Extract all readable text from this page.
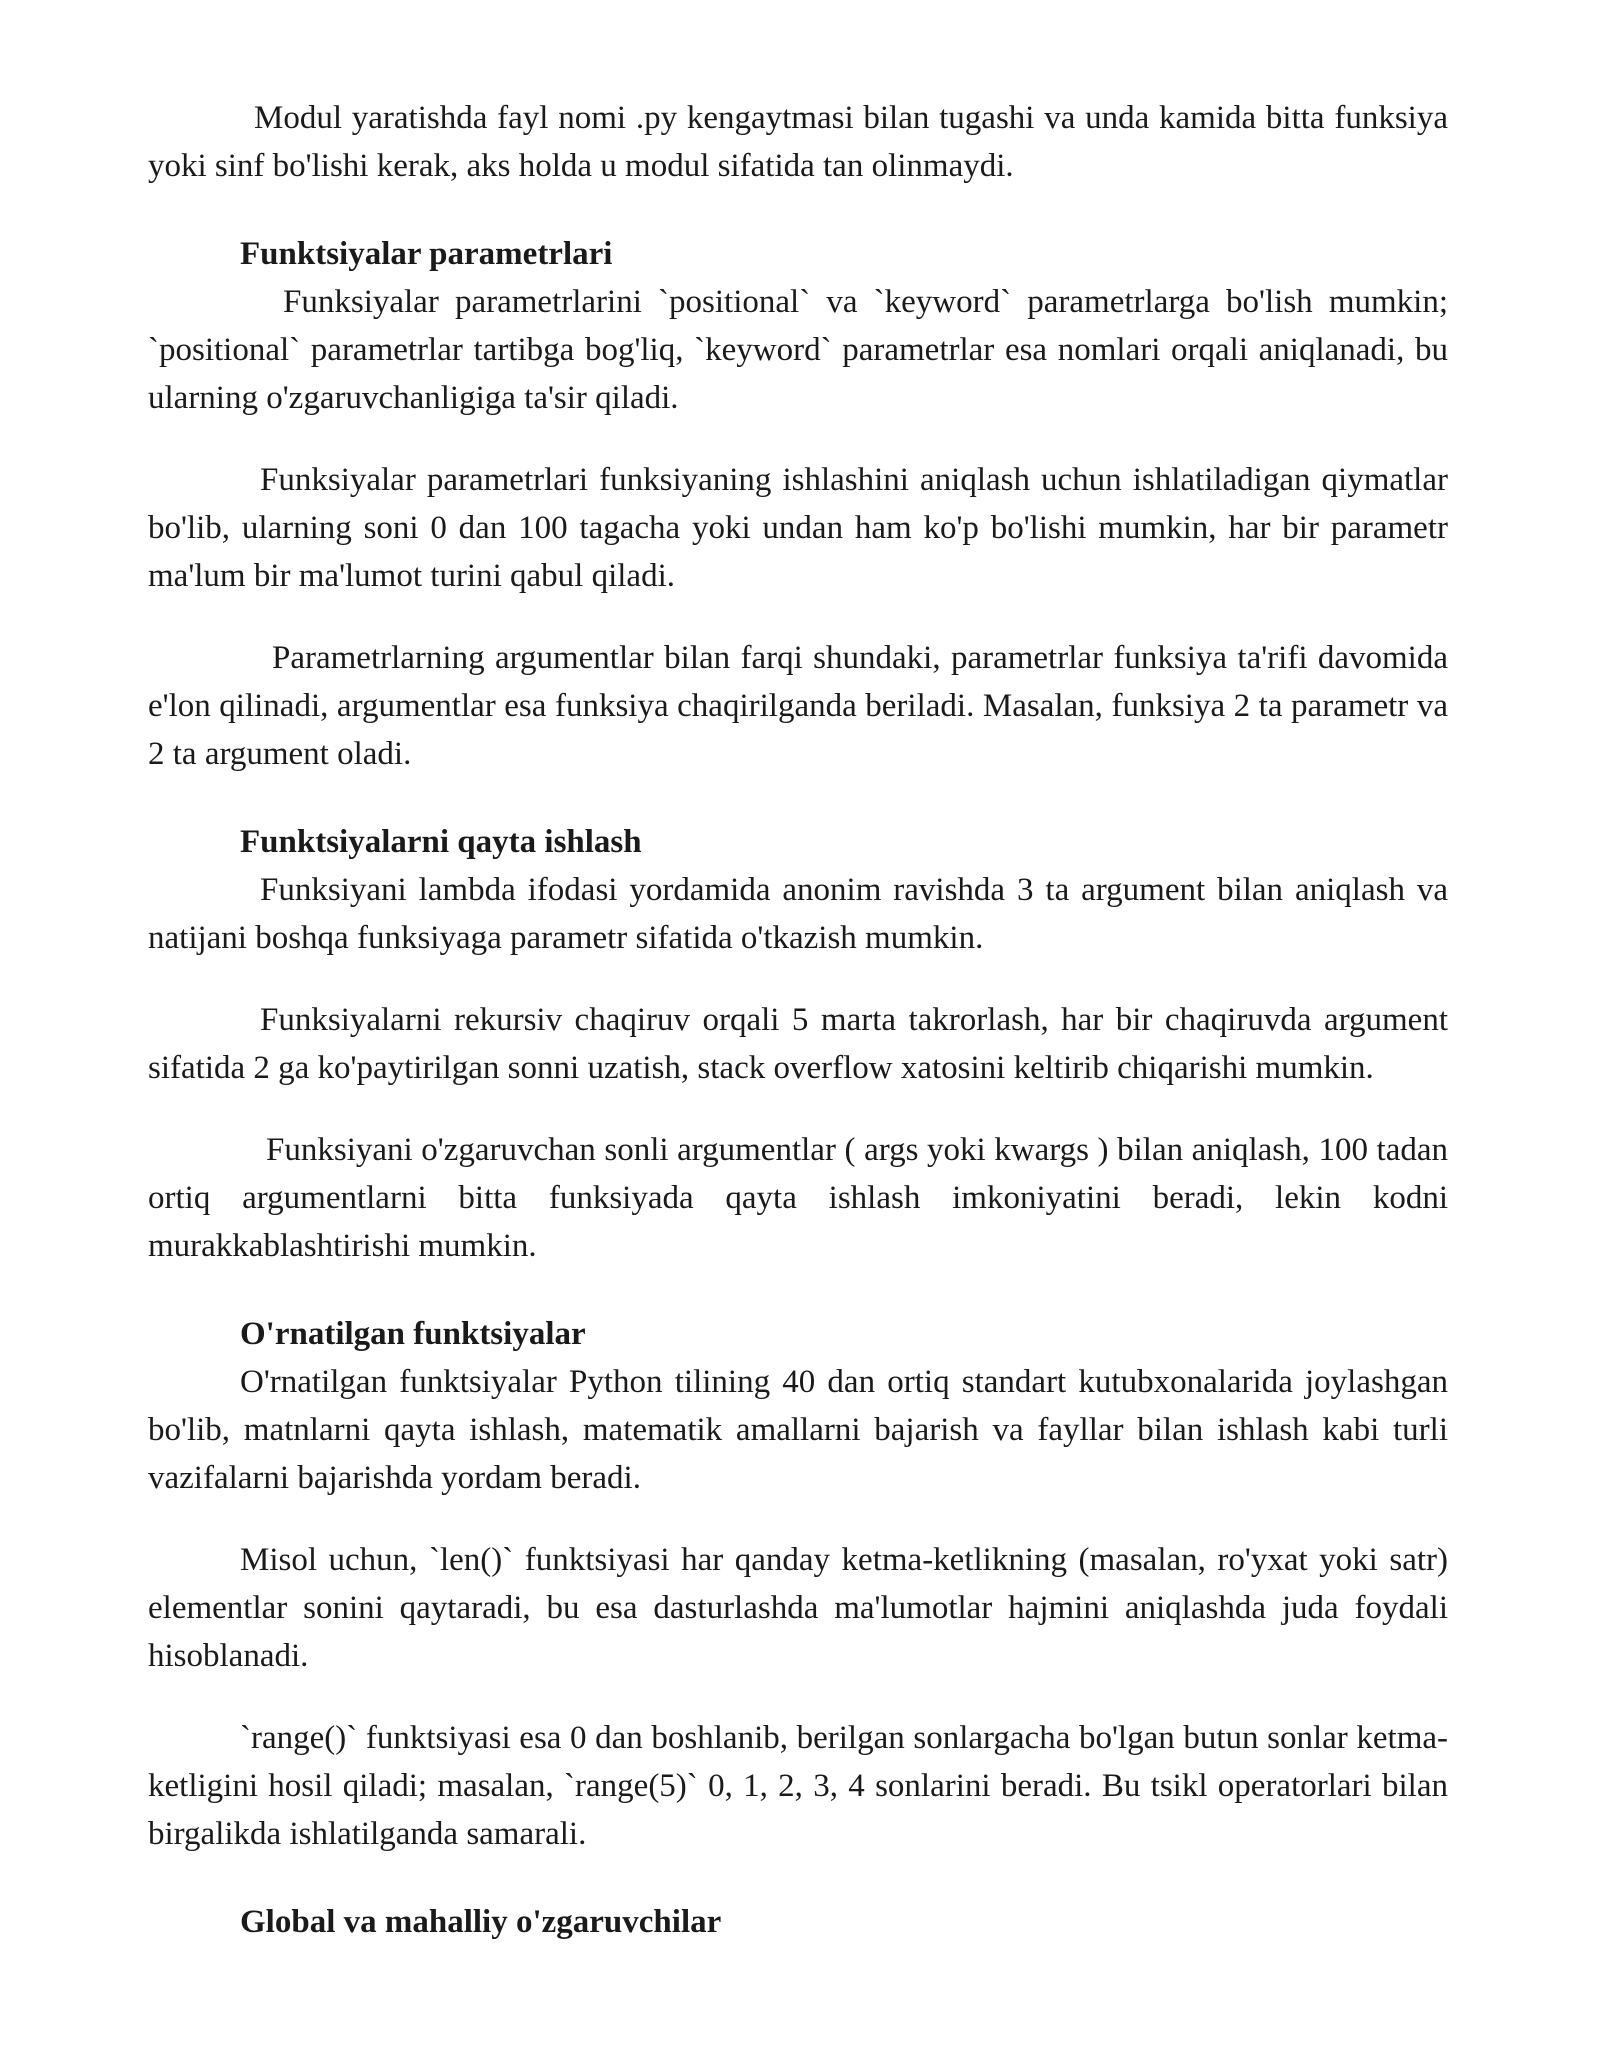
Modul yaratishda fayl nomi .py kengaytmasi bilan tugashi va unda kamida bitta funksiya yoki sinf bo'lishi kerak, aks holda u modul sifatida tan olinmaydi.

Funktsiyalar parametrlari

Funksiyalar parametrlarini `positional` va `keyword` parametrlarga bo'lish mumkin; `positional` parametrlar tartibga bog'liq, `keyword` parametrlar esa nomlari orqali aniqlanadi, bu ularning o'zgaruvchanligiga ta'sir qiladi.

Funksiyalar parametrlari funksiyaning ishlashini aniqlash uchun ishlatiladigan qiymatlar bo'lib, ularning soni 0 dan 100 tagacha yoki undan ham ko'p bo'lishi mumkin, har bir parametr ma'lum bir ma'lumot turini qabul qiladi.

Parametrlarning argumentlar bilan farqi shundaki, parametrlar funksiya ta'rifi davomida e'lon qilinadi, argumentlar esa funksiya chaqirilganda beriladi. Masalan, funksiya 2 ta parametr va 2 ta argument oladi.

Funktsiyalarni qayta ishlash

Funksiyani lambda ifodasi yordamida anonim ravishda 3 ta argument bilan aniqlash va natijani boshqa funksiyaga parametr sifatida o'tkazish mumkin.

Funksiyalarni rekursiv chaqiruv orqali 5 marta takrorlash, har bir chaqiruvda argument sifatida 2 ga ko'paytirilgan sonni uzatish, stack overflow xatosini keltirib chiqarishi mumkin.

Funksiyani o'zgaruvchan sonli argumentlar ( args yoki kwargs ) bilan aniqlash, 100 tadan ortiq argumentlarni bitta funksiyada qayta ishlash imkoniyatini beradi, lekin kodni murakkablashtirishi mumkin.

O'rnatilgan funktsiyalar

O'rnatilgan funktsiyalar Python tilining 40 dan ortiq standart kutubxonalarida joylashgan bo'lib, matnlarni qayta ishlash, matematik amallarni bajarish va fayllar bilan ishlash kabi turli vazifalarni bajarishda yordam beradi.

Misol uchun, `len()` funktsiyasi har qanday ketma-ketlikning (masalan, ro'yxat yoki satr) elementlar sonini qaytaradi, bu esa dasturlashda ma'lumotlar hajmini aniqlashda juda foydali hisoblanadi.

`range()` funktsiyasi esa 0 dan boshlanib, berilgan sonlargacha bo'lgan butun sonlar ketma-ketligini hosil qiladi; masalan, `range(5)` 0, 1, 2, 3, 4 sonlarini beradi. Bu tsikl operatorlari bilan birgalikda ishlatilganda samarali.

Global va mahalliy o'zgaruvchilar
